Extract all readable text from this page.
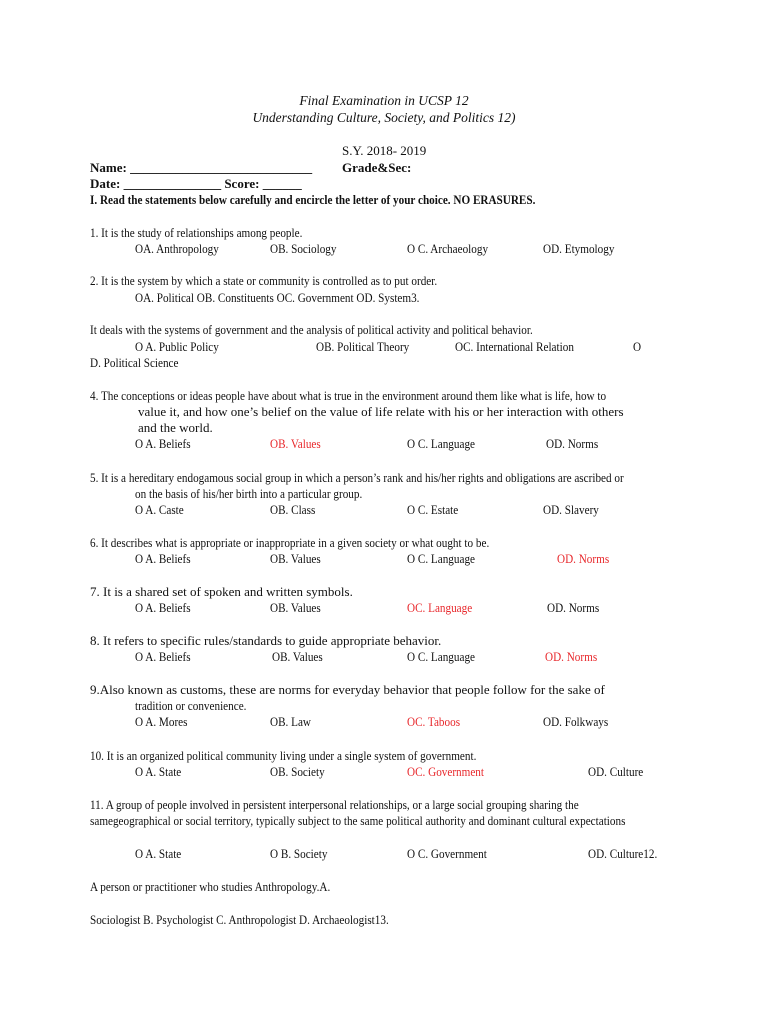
Final Examination in UCSP 12
Understanding Culture, Society, and Politics 12)
S.Y. 2018- 2019
Name: ____________________________ Grade&Sec:
Date: _______________ Score: ______
I. Read the statements below carefully and encircle the letter of your choice. NO ERASURES.
1. It is the study of relationships among people.
OA. Anthropology	OB. Sociology	O C. Archaeology	OD. Etymology
2. It is the system by which a state or community is controlled as to put order.
OA. Political OB. Constituents OC. Government OD. System3.
It deals with the systems of government and the analysis of political activity and political behavior.
O A. Public Policy	OB. Political Theory	OC. International Relation	O
D. Political Science
4. The conceptions or ideas people have about what is true in the environment around them like what is life, how to
value it, and how one’s belief on the value of life relate with his or her interaction with others
and the world.
O A. Beliefs	OB. Values	O C. Language	OD. Norms
5. It is a hereditary endogamous social group in which a person’s rank and his/her rights and obligations are ascribed or
on the basis of his/her birth into a particular group.
O A. Caste	OB. Class	O C. Estate	OD. Slavery
6. It describes what is appropriate or inappropriate in a given society or what ought to be.
O A. Beliefs	OB. Values	O C. Language	OD. Norms
7. It is a shared set of spoken and written symbols.
O A. Beliefs	OB. Values	OC. Language	OD. Norms
8. It refers to specific rules/standards to guide appropriate behavior.
O A. Beliefs	OB. Values	O C. Language	OD. Norms
9.Also known as customs, these are norms for everyday behavior that people follow for the sake of
tradition or convenience.
O A. Mores	OB. Law	OC. Taboos	OD. Folkways
10. It is an organized political community living under a single system of government.
O A. State	OB. Society	OC. Government	OD. Culture
11. A group of people involved in persistent interpersonal relationships, or a large social grouping sharing the
samegeographical or social territory, typically subject to the same political authority and dominant cultural expectations
O A. State	O B. Society	O C. Government	OD. Culture12.
A person or practitioner who studies Anthropology.A.
Sociologist B. Psychologist C. Anthropologist D. Archaeologist13.
